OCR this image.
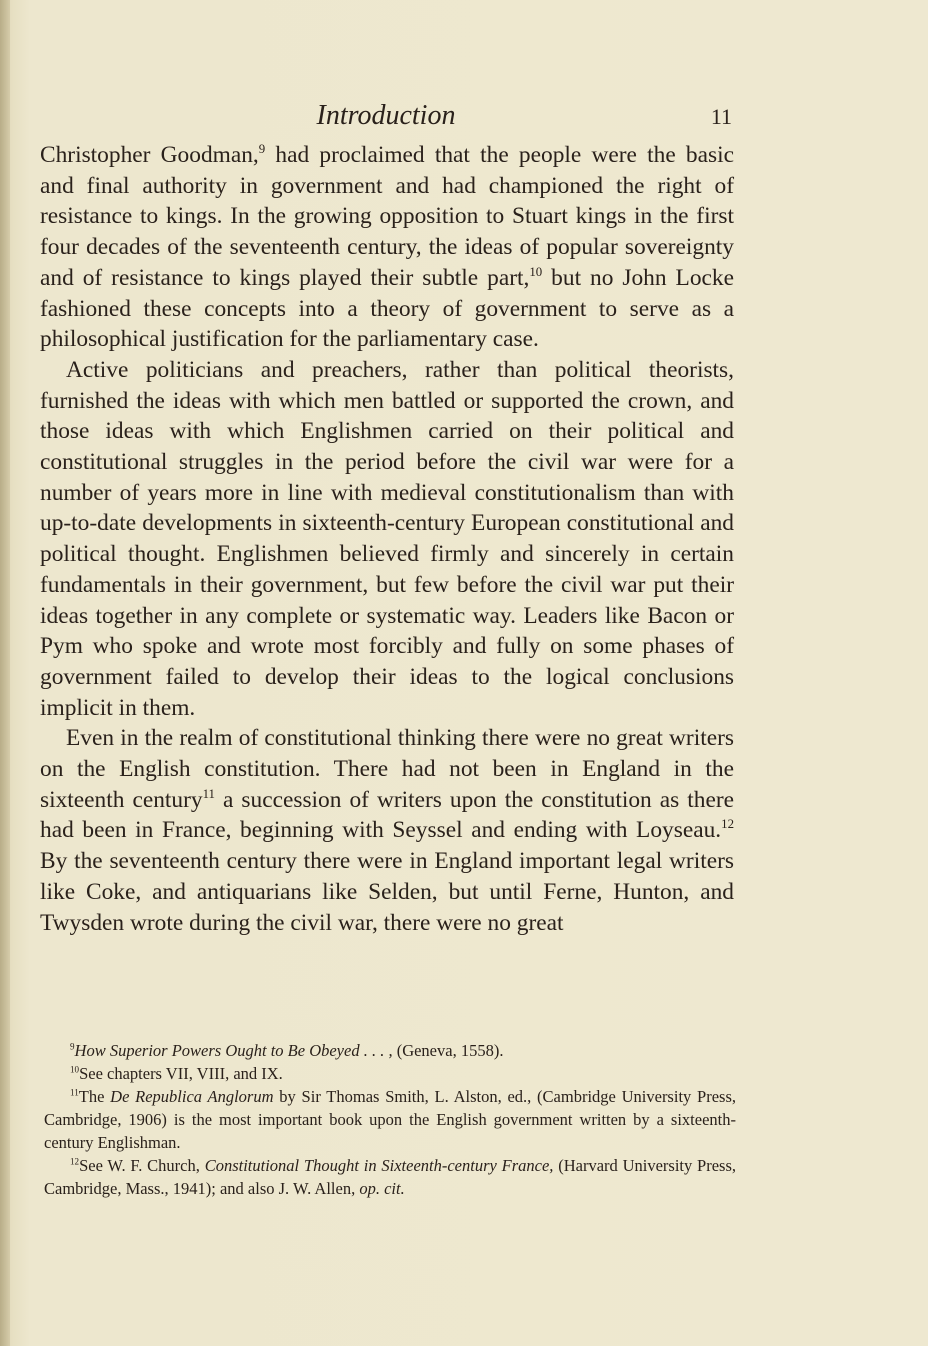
Introduction	11

Christopher Goodman,$^9$ had proclaimed that the people were the basic and final authority in government and had championed the right of resistance to kings. In the growing opposition to Stuart kings in the first four decades of the seventeenth century, the ideas of popular sovereignty and of resistance to kings played their subtle part,$^{10}$ but no John Locke fashioned these concepts into a theory of government to serve as a philosophical justification for the parliamentary case.

Active politicians and preachers, rather than political theorists, furnished the ideas with which men battled or supported the crown, and those ideas with which Englishmen carried on their political and constitutional struggles in the period before the civil war were for a number of years more in line with medieval constitutionalism than with up-to-date developments in sixteenth-century European constitutional and political thought. Englishmen believed firmly and sincerely in certain fundamentals in their government, but few before the civil war put their ideas together in any complete or systematic way. Leaders like Bacon or Pym who spoke and wrote most forcibly and fully on some phases of government failed to develop their ideas to the logical conclusions implicit in them.

Even in the realm of constitutional thinking there were no great writers on the English constitution. There had not been in England in the sixteenth century$^{11}$ a succession of writers upon the constitution as there had been in France, beginning with Seyssel and ending with Loyseau.$^{12}$ By the seventeenth century there were in England important legal writers like Coke, and antiquarians like Selden, but until Ferne, Hunton, and Twysden wrote during the civil war, there were no great

$^9$How Superior Powers Ought to Be Obeyed . . . , (Geneva, 1558).

$^{10}$See chapters VII, VIII, and IX.

$^{11}$The De Republica Anglorum by Sir Thomas Smith, L. Alston, ed., (Cambridge University Press, Cambridge, 1906) is the most important book upon the English government written by a sixteenth-century Englishman.

$^{12}$See W. F. Church, Constitutional Thought in Sixteenth-century France, (Harvard University Press, Cambridge, Mass., 1941); and also J. W. Allen, op. cit.
